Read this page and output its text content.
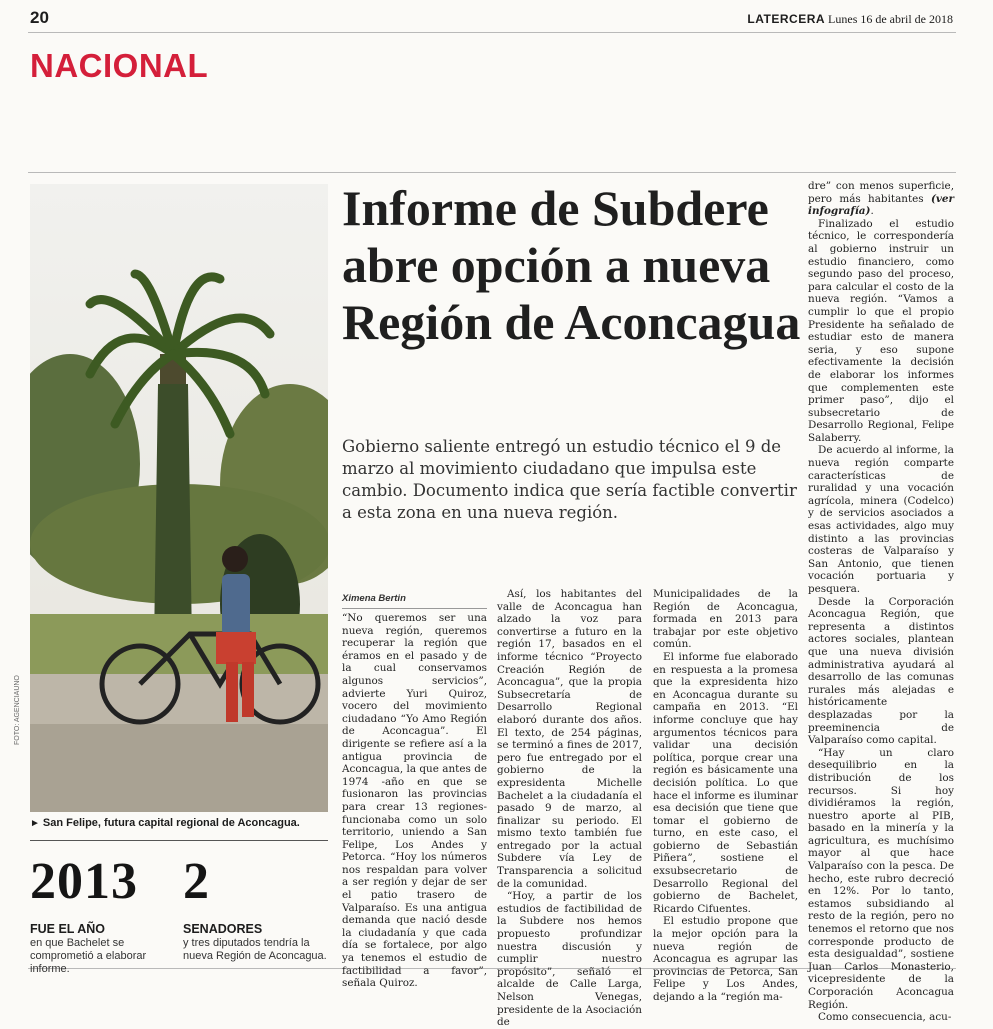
20	LATERCERA Lunes 16 de abril de 2018
NACIONAL
FOTO: AGENCIAUNO
► San Felipe, futura capital regional de Aconcagua.
2013 2
FUE EL AÑO	SENADORES
en que Bachelet se comprometió a elaborar informe.
y tres diputados tendría la nueva Región de Aconcagua.
Informe de Subdere abre opción a nueva Región de Aconcagua
Gobierno saliente entregó un estudio técnico el 9 de marzo al movimiento ciudadano que impulsa este cambio. Documento indica que sería factible convertir a esta zona en una nueva región.
Ximena Bertin

“No queremos ser una nueva región, queremos recuperar la región que éramos en el pasado y de la cual conservamos algunos servicios”, advierte Yuri Quiroz, vocero del movimiento ciudadano “Yo Amo Región de Aconcagua”. El dirigente se refiere así a la antigua provincia de Aconcagua, la que antes de 1974 -año en que se fusionaron las provincias para crear 13 regiones- funcionaba como un solo territorio, uniendo a San Felipe, Los Andes y Petorca. “Hoy los números nos respaldan para volver a ser región y dejar de ser el patio trasero de Valparaíso. Es una antigua demanda que nació desde la ciudadanía y que cada día se fortalece, por algo ya tenemos el estudio de factibilidad a favor”, señala Quiroz.

Así, los habitantes del valle de Aconcagua han alzado la voz para convertirse a futuro en la región 17, basados en el informe técnico “Proyecto Creación Región de Aconcagua”, que la propia Subsecretaría de Desarrollo Regional elaboró durante dos años. El texto, de 254 páginas, se terminó a fines de 2017, pero fue entregado por el gobierno de la expresidenta Michelle Bachelet a la ciudadanía el pasado 9 de marzo, al finalizar su periodo. El mismo texto también fue entregado por la actual Subdere vía Ley de Transparencia a solicitud de la comunidad.

“Hoy, a partir de los estudios de factibilidad de la Subdere nos hemos propuesto profundizar nuestra discusión y cumplir nuestro propósito”, señaló el alcalde de Calle Larga, Nelson Venegas, presidente de la Asociación de

Municipalidades de la Región de Aconcagua, formada en 2013 para trabajar por este objetivo común.

El informe fue elaborado en respuesta a la promesa que la expresidenta hizo en Aconcagua durante su campaña en 2013. “El informe concluye que hay argumentos técnicos para validar una decisión política, porque crear una región es básicamente una decisión política. Lo que hace el informe es iluminar esa decisión que tiene que tomar el gobierno de turno, en este caso, el gobierno de Sebastián Piñera”, sostiene el exsubsecretario de Desarrollo Regional del gobierno de Bachelet, Ricardo Cifuentes.

El estudio propone que la mejor opción para la nueva región de Aconcagua es agrupar las provincias de Petorca, San Felipe y Los Andes, dejando a la “región ma-

dre” con menos superficie, pero más habitantes (ver infografía).

Finalizado el estudio técnico, le correspondería al gobierno instruir un estudio financiero, como segundo paso del proceso, para calcular el costo de la nueva región. “Vamos a cumplir lo que el propio Presidente ha señalado de estudiar esto de manera seria, y eso supone efectivamente la decisión de elaborar los informes que complementen este primer paso”, dijo el subsecretario de Desarrollo Regional, Felipe Salaberry.

De acuerdo al informe, la nueva región comparte características de ruralidad y una vocación agrícola, minera (Codelco) y de servicios asociados a esas actividades, algo muy distinto a las provincias costeras de Valparaíso y San Antonio, que tienen vocación portuaria y pesquera.

Desde la Corporación Aconcagua Región, que representa a distintos actores sociales, plantean que una nueva división administrativa ayudará al desarrollo de las comunas rurales más alejadas e históricamente desplazadas por la preeminencia de Valparaíso como capital.

“Hay un claro desequilibrio en la distribución de los recursos. Si hoy dividiéramos la región, nuestro aporte al PIB, basado en la minería y la agricultura, es muchísimo mayor al que hace Valparaíso con la pesca. De hecho, este rubro decreció en 12%. Por lo tanto, estamos subsidiando al resto de la región, pero no tenemos el retorno que nos corresponde producto de esta desigualdad”, sostiene Juan Carlos Monasterio, vicepresidente de la Corporación Aconcagua Región.

Como consecuencia, acu-
